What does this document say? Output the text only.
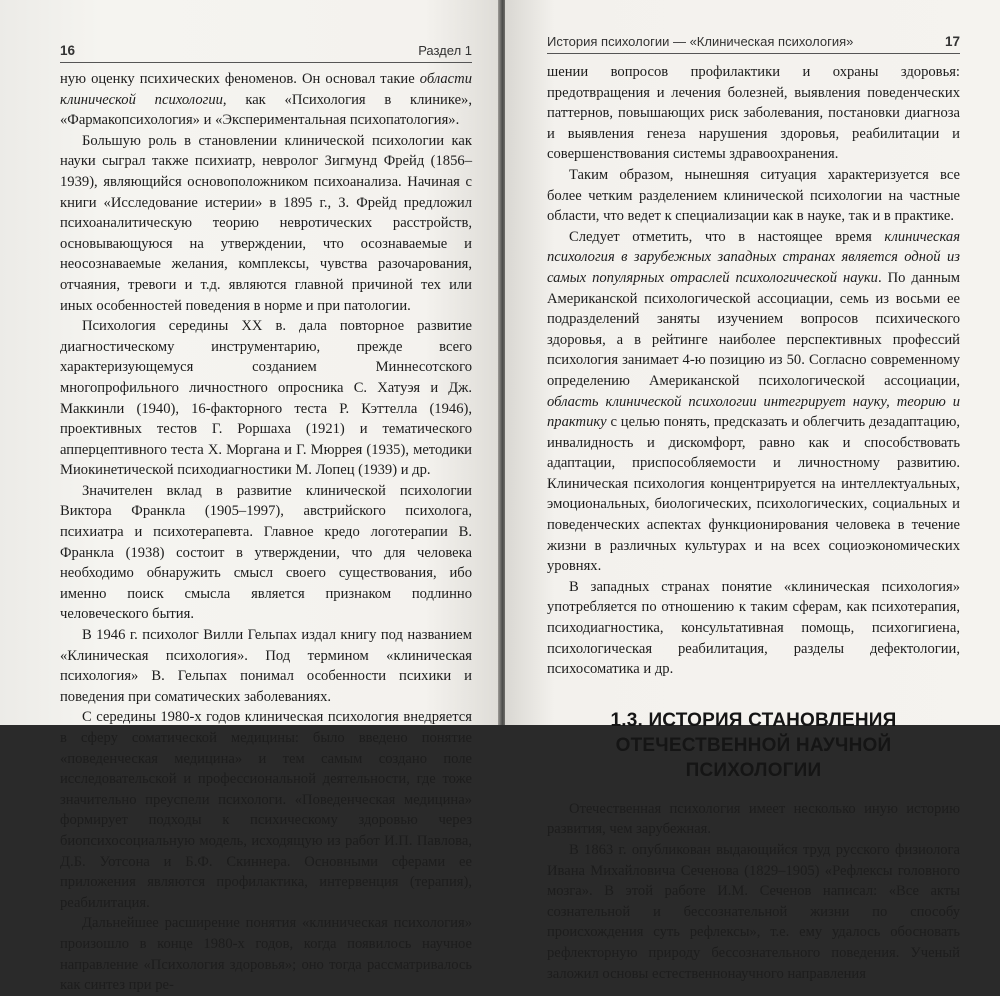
16	Раздел 1

ную оценку психических феноменов. Он основал такие области клинической психологии, как «Психология в клинике», «Фармакопсихология» и «Экспериментальная психопатология».

Большую роль в становлении клинической психологии как науки сыграл также психиатр, невролог Зигмунд Фрейд (1856–1939), являющийся основоположником психоанализа. Начиная с книги «Исследование истерии» в 1895 г., З. Фрейд предложил психоаналитическую теорию невротических расстройств, основывающуюся на утверждении, что осознаваемые и неосознаваемые желания, комплексы, чувства разочарования, отчаяния, тревоги и т.д. являются главной причиной тех или иных особенностей поведения в норме и при патологии.

Психология середины XX в. дала повторное развитие диагностическому инструментарию, прежде всего характеризующемуся созданием Миннесотского многопрофильного личностного опросника С. Хатуэя и Дж. Маккинли (1940), 16-факторного теста Р. Кэттелла (1946), проективных тестов Г. Роршаха (1921) и тематического апперцептивного теста Х. Моргана и Г. Мюррея (1935), методики Миокинетической психодиагностики М. Лопец (1939) и др.

Значителен вклад в развитие клинической психологии Виктора Франкла (1905–1997), австрийского психолога, психиатра и психотерапевта. Главное кредо логотерапии В. Франкла (1938) состоит в утверждении, что для человека необходимо обнаружить смысл своего существования, ибо именно поиск смысла является признаком подлинно человеческого бытия.

В 1946 г. психолог Вилли Гельпах издал книгу под названием «Клиническая психология». Под термином «клиническая психология» В. Гельпах понимал особенности психики и поведения при соматических заболеваниях.

С середины 1980-х годов клиническая психология внедряется в сферу соматической медицины: было введено понятие «поведенческая медицина» и тем самым создано поле исследовательской и профессиональной деятельности, где тоже значительно преуспели психологи. «Поведенческая медицина» формирует подходы к психическому здоровью через биопсихосоциальную модель, исходящую из работ И.П. Павлова, Д.Б. Уотсона и Б.Ф. Скиннера. Основными сферами ее приложения являются профилактика, интервенция (терапия), реабилитация.

Дальнейшее расширение понятия «клиническая психология» произошло в конце 1980-х годов, когда появилось научное направление «Психология здоровья»; оно тогда рассматривалось как синтез при ре-

История психологии — «Клиническая психология»	17

шении вопросов профилактики и охраны здоровья: предотвращения и лечения болезней, выявления поведенческих паттернов, повышающих риск заболевания, постановки диагноза и выявления генеза нарушения здоровья, реабилитации и совершенствования системы здравоохранения.

Таким образом, нынешняя ситуация характеризуется все более четким разделением клинической психологии на частные области, что ведет к специализации как в науке, так и в практике.

Следует отметить, что в настоящее время клиническая психология в зарубежных западных странах является одной из самых популярных отраслей психологической науки. По данным Американской психологической ассоциации, семь из восьми ее подразделений заняты изучением вопросов психического здоровья, а в рейтинге наиболее перспективных профессий психология занимает 4-ю позицию из 50. Согласно современному определению Американской психологической ассоциации, область клинической психологии интегрирует науку, теорию и практику с целью понять, предсказать и облегчить дезадаптацию, инвалидность и дискомфорт, равно как и способствовать адаптации, приспособляемости и личностному развитию. Клиническая психология концентрируется на интеллектуальных, эмоциональных, биологических, психологических, социальных и поведенческих аспектах функционирования человека в течение жизни в различных культурах и на всех социоэкономических уровнях.

В западных странах понятие «клиническая психология» употребляется по отношению к таким сферам, как психотерапия, психодиагностика, консультативная помощь, психогигиена, психологическая реабилитация, разделы дефектологии, психосоматика и др.

1.3. ИСТОРИЯ СТАНОВЛЕНИЯ
ОТЕЧЕСТВЕННОЙ НАУЧНОЙ ПСИХОЛОГИИ

Отечественная психология имеет несколько иную историю развития, чем зарубежная.

В 1863 г. опубликован выдающийся труд русского физиолога Ивана Михайловича Сеченова (1829–1905) «Рефлексы головного мозга». В этой работе И.М. Сеченов написал: «Все акты сознательной и бессознательной жизни по способу происхождения суть рефлексы», т.е. ему удалось обосновать рефлекторную природу бессознательного поведения. Ученый заложил основы естественнонаучного направления
